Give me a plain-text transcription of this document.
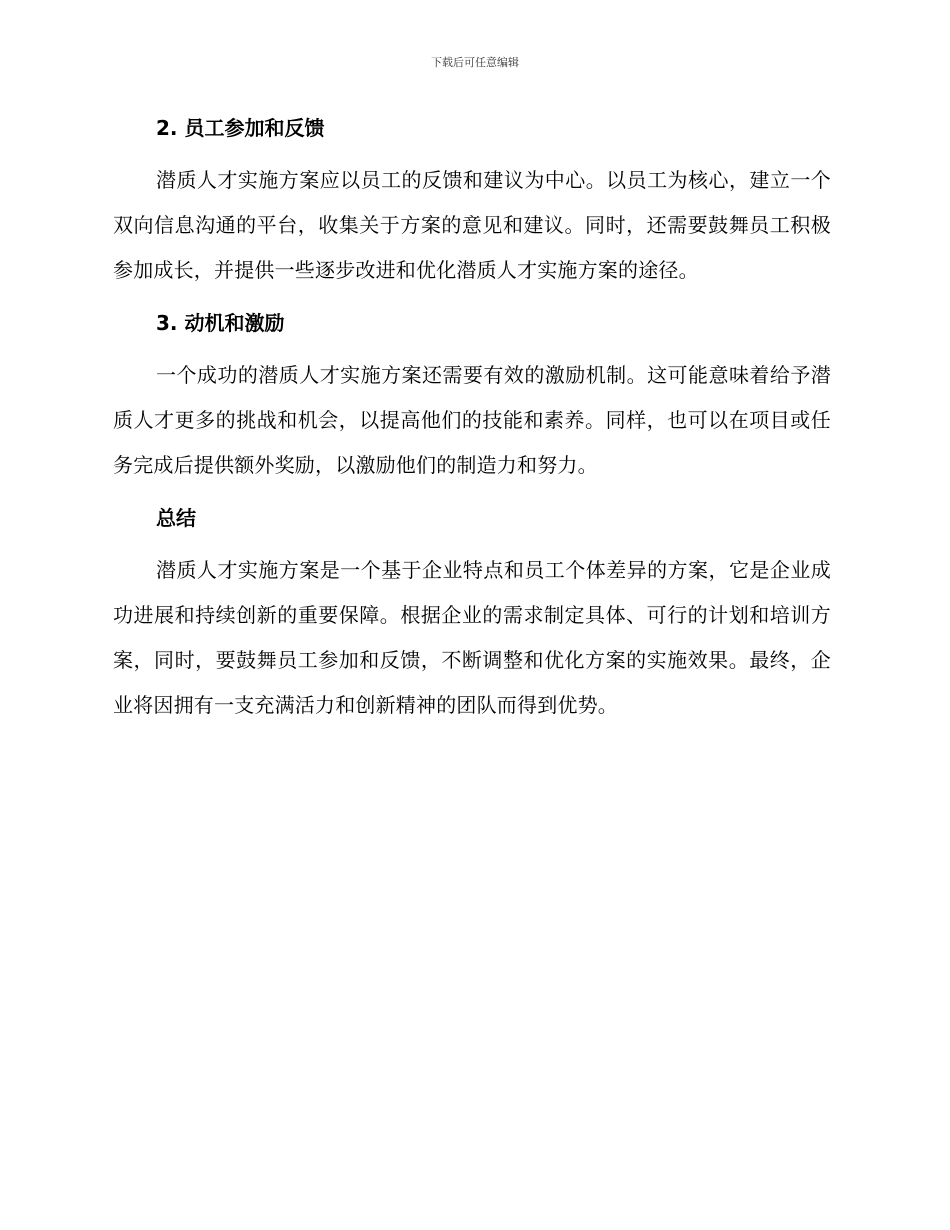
下载后可任意编辑
2. 员工参加和反馈

潜质人才实施方案应以员工的反馈和建议为中心。以员工为核心，建立一个双向信息沟通的平台，收集关于方案的意见和建议。同时，还需要鼓舞员工积极参加成长，并提供一些逐步改进和优化潜质人才实施方案的途径。

3. 动机和激励

一个成功的潜质人才实施方案还需要有效的激励机制。这可能意味着给予潜质人才更多的挑战和机会，以提高他们的技能和素养。同样，也可以在项目或任务完成后提供额外奖励，以激励他们的制造力和努力。

总结

潜质人才实施方案是一个基于企业特点和员工个体差异的方案，它是企业成功进展和持续创新的重要保障。根据企业的需求制定具体、可行的计划和培训方案，同时，要鼓舞员工参加和反馈，不断调整和优化方案的实施效果。最终，企业将因拥有一支充满活力和创新精神的团队而得到优势。
